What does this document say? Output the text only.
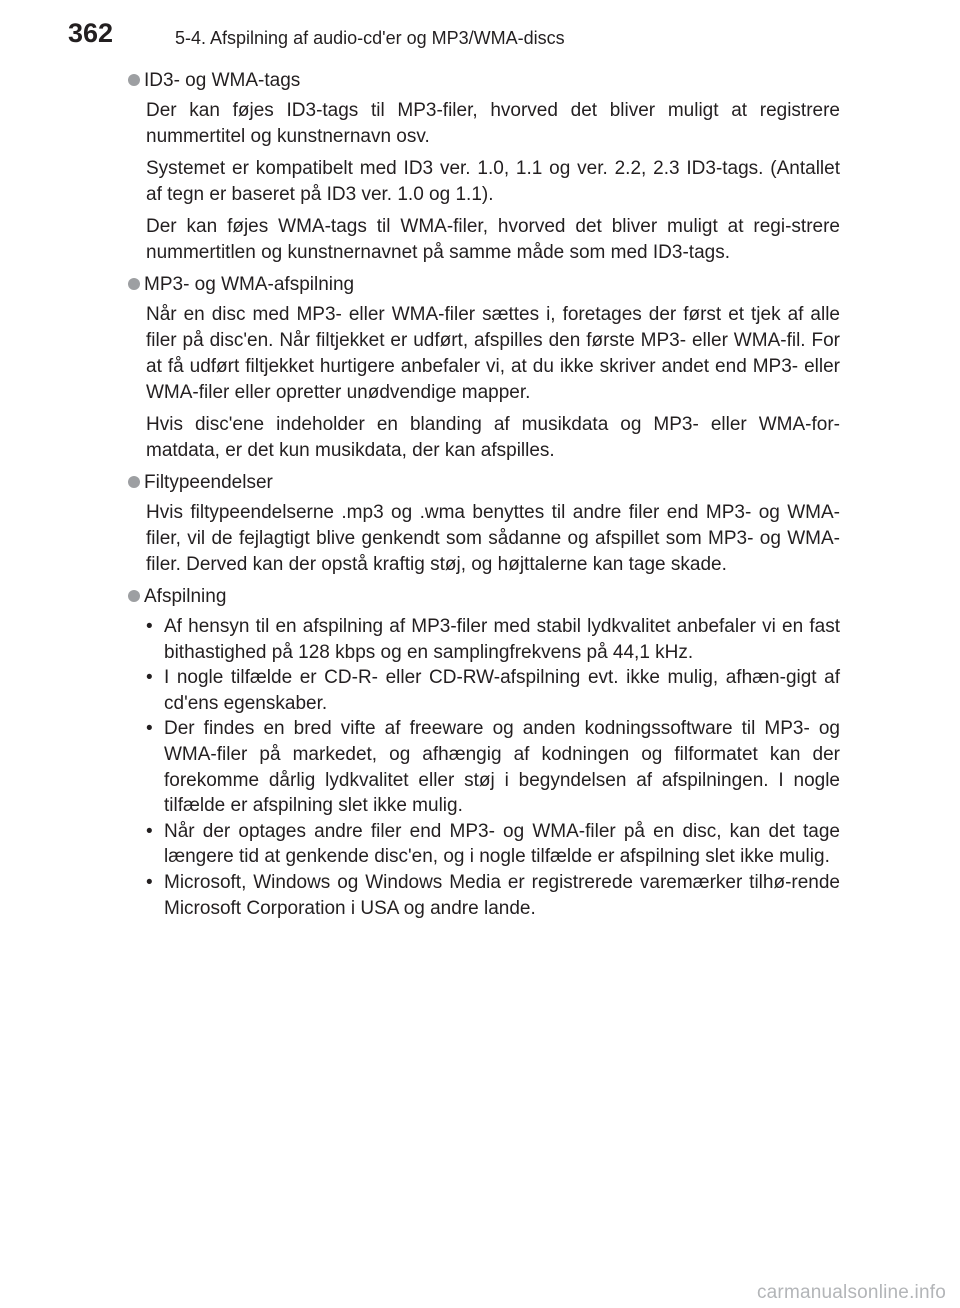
362	5-4. Afspilning af audio-cd'er og MP3/WMA-discs
ID3- og WMA-tags

Der kan føjes ID3-tags til MP3-filer, hvorved det bliver muligt at registrere nummertitel og kunstnernavn osv.

Systemet er kompatibelt med ID3 ver. 1.0, 1.1 og ver. 2.2, 2.3 ID3-tags. (Antallet af tegn er baseret på ID3 ver. 1.0 og 1.1).

Der kan føjes WMA-tags til WMA-filer, hvorved det bliver muligt at regi-strere nummertitlen og kunstnernavnet på samme måde som med ID3-tags.

MP3- og WMA-afspilning

Når en disc med MP3- eller WMA-filer sættes i, foretages der først et tjek af alle filer på disc'en. Når filtjekket er udført, afspilles den første MP3- eller WMA-fil. For at få udført filtjekket hurtigere anbefaler vi, at du ikke skriver andet end MP3- eller WMA-filer eller opretter unødvendige mapper.

Hvis disc'ene indeholder en blanding af musikdata og MP3- eller WMA-for-matdata, er det kun musikdata, der kan afspilles.

Filtypeendelser

Hvis filtypeendelserne .mp3 og .wma benyttes til andre filer end MP3- og WMA-filer, vil de fejlagtigt blive genkendt som sådanne og afspillet som MP3- og WMA-filer. Derved kan der opstå kraftig støj, og højttalerne kan tage skade.

Afspilning
• Af hensyn til en afspilning af MP3-filer med stabil lydkvalitet anbefaler vi en fast bithastighed på 128 kbps og en samplingfrekvens på 44,1 kHz.
• I nogle tilfælde er CD-R- eller CD-RW-afspilning evt. ikke mulig, afhæn-gigt af cd'ens egenskaber.
• Der findes en bred vifte af freeware og anden kodningssoftware til MP3- og WMA-filer på markedet, og afhængig af kodningen og filformatet kan der forekomme dårlig lydkvalitet eller støj i begyndelsen af afspilningen. I nogle tilfælde er afspilning slet ikke mulig.
• Når der optages andre filer end MP3- og WMA-filer på en disc, kan det tage længere tid at genkende disc'en, og i nogle tilfælde er afspilning slet ikke mulig.
• Microsoft, Windows og Windows Media er registrerede varemærker tilhø-rende Microsoft Corporation i USA og andre lande.
carmanualsonline.info
